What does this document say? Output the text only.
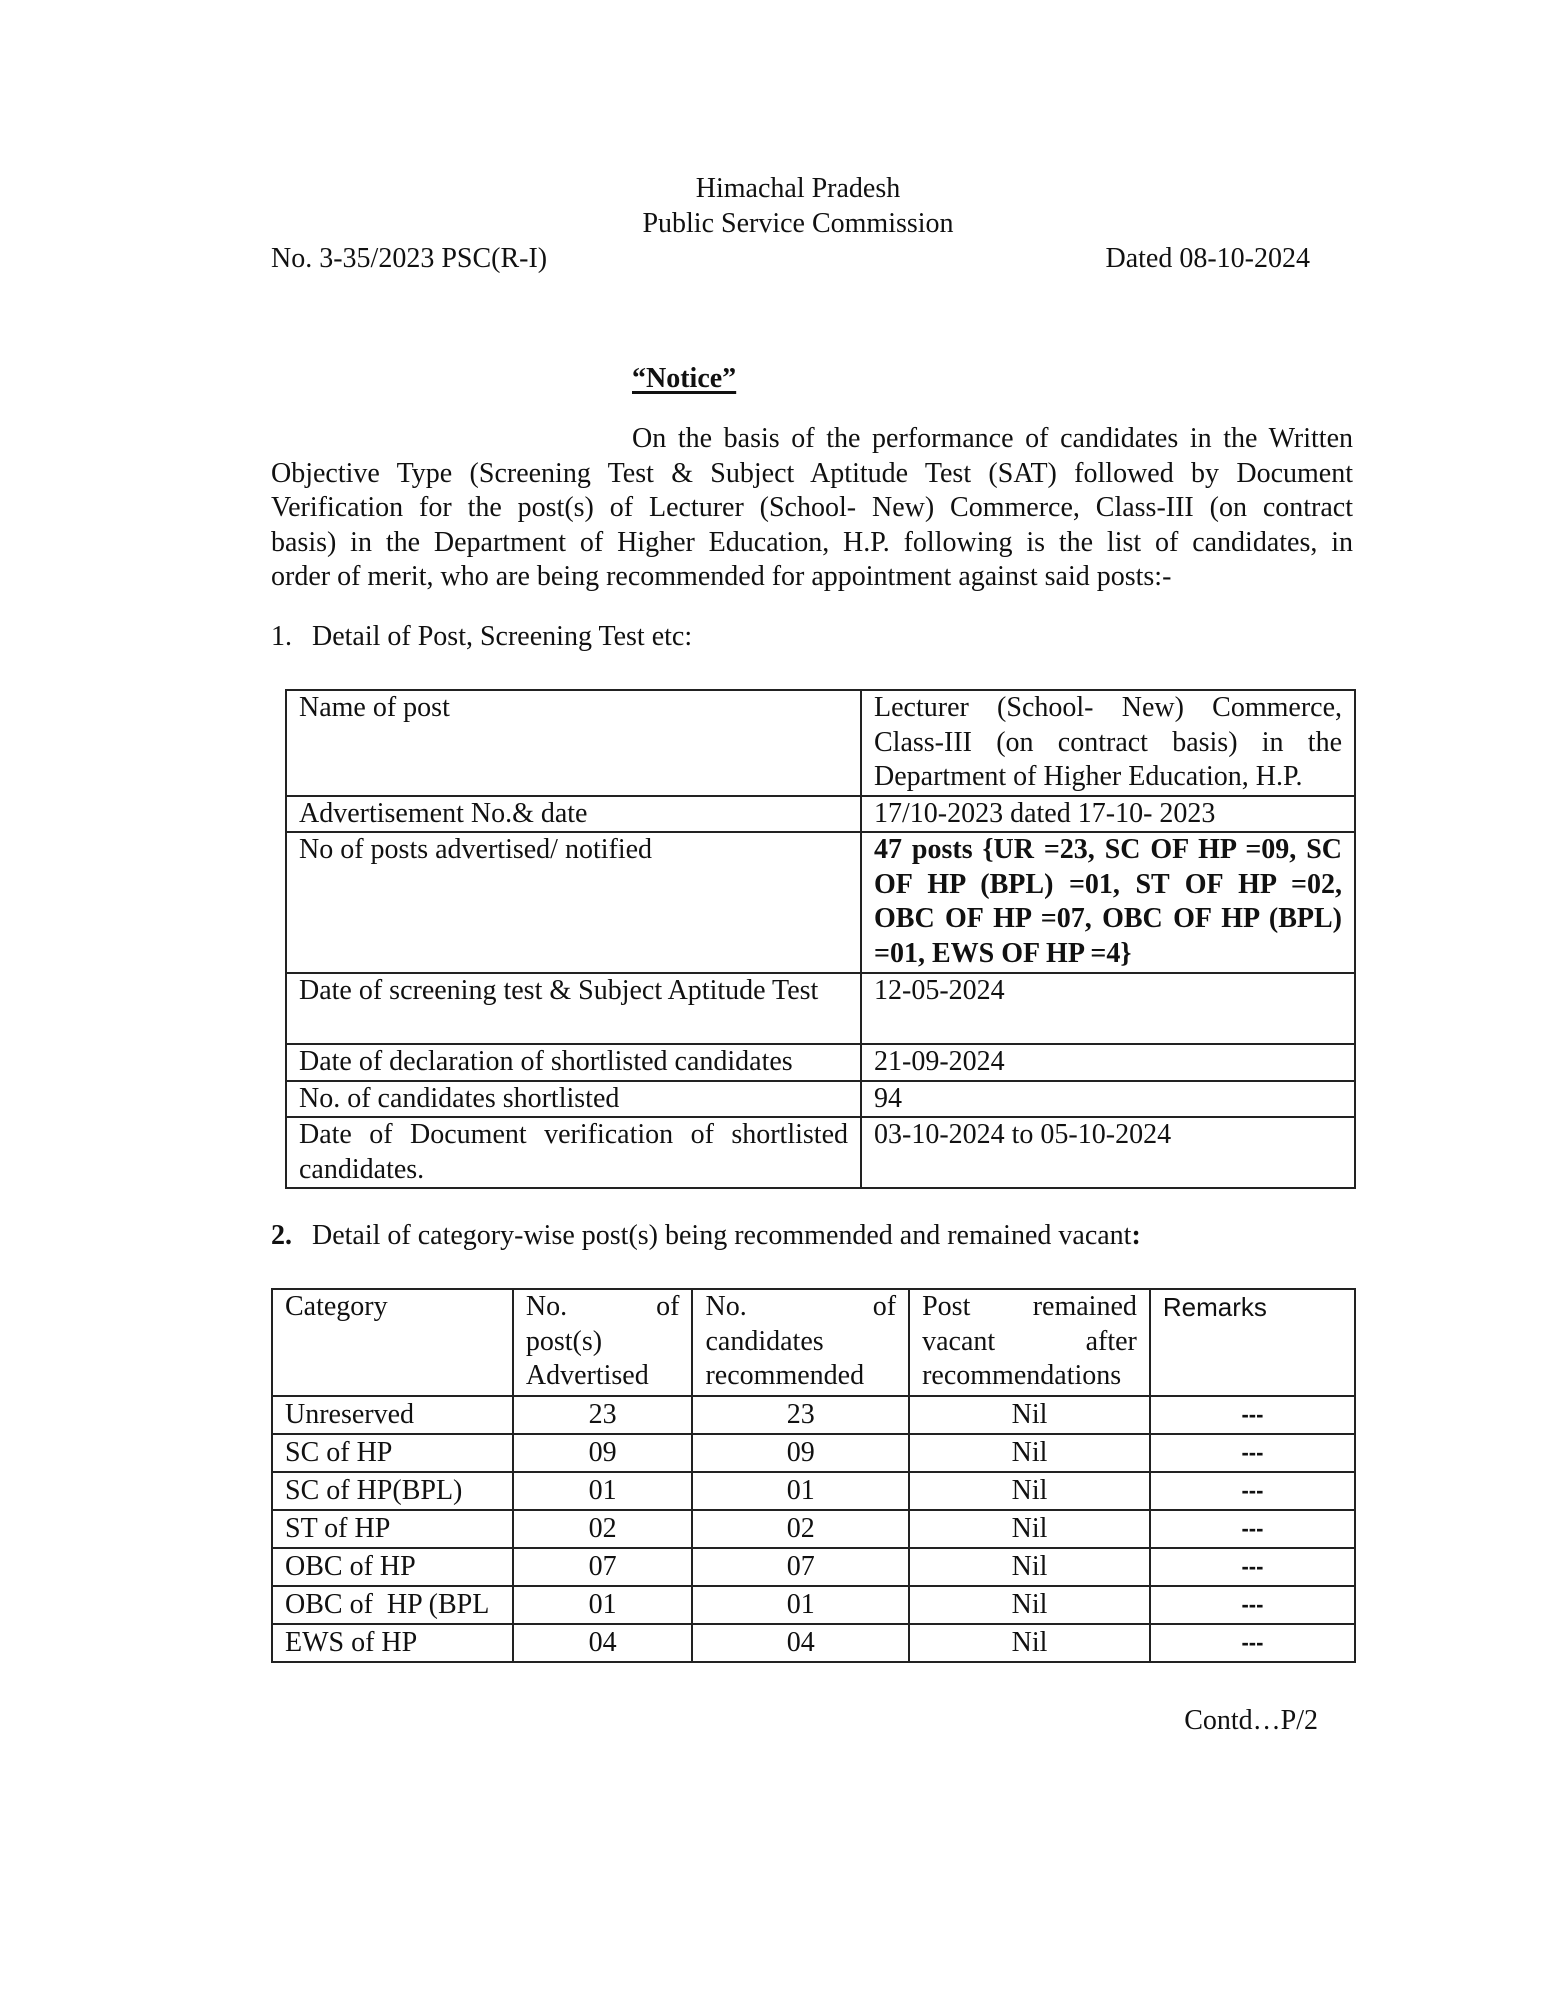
Himachal Pradesh
Public Service Commission
No. 3-35/2023 PSC(R-I)	Dated 08-10-2024
“Notice”
On the basis of the performance of candidates in the Written
Objective Type (Screening Test & Subject Aptitude Test (SAT) followed by Document
Verification for the post(s) of Lecturer (School- New) Commerce, Class-III (on contract
basis) in the Department of Higher Education, H.P. following is the list of candidates, in
order of merit, who are being recommended for appointment against said posts:-
1. Detail of Post, Screening Test etc:
Name of post	Lecturer (School- New) Commerce, Class-III (on contract basis) in the Department of Higher Education, H.P.
Advertisement No.& date	17/10-2023 dated 17-10- 2023
No of posts advertised/ notified	47 posts {UR =23, SC OF HP =09, SC OF HP (BPL) =01, ST OF HP =02, OBC OF HP =07, OBC OF HP (BPL) =01, EWS OF HP =4}
Date of screening test & Subject Aptitude Test	12-05-2024
Date of declaration of shortlisted candidates	21-09-2024
No. of candidates shortlisted	94
Date of Document verification of shortlisted candidates.	03-10-2024 to 05-10-2024
2. Detail of category-wise post(s) being recommended and remained vacant:
Category	No. of post(s) Advertised	No. of candidates recommended	Post remained vacant after recommendations	Remarks
Unreserved	23	23	Nil	---
SC of HP	09	09	Nil	---
SC of HP(BPL)	01	01	Nil	---
ST of HP	02	02	Nil	---
OBC of HP	07	07	Nil	---
OBC of  HP (BPL	01	01	Nil	---
EWS of HP	04	04	Nil	---
Contd…P/2
